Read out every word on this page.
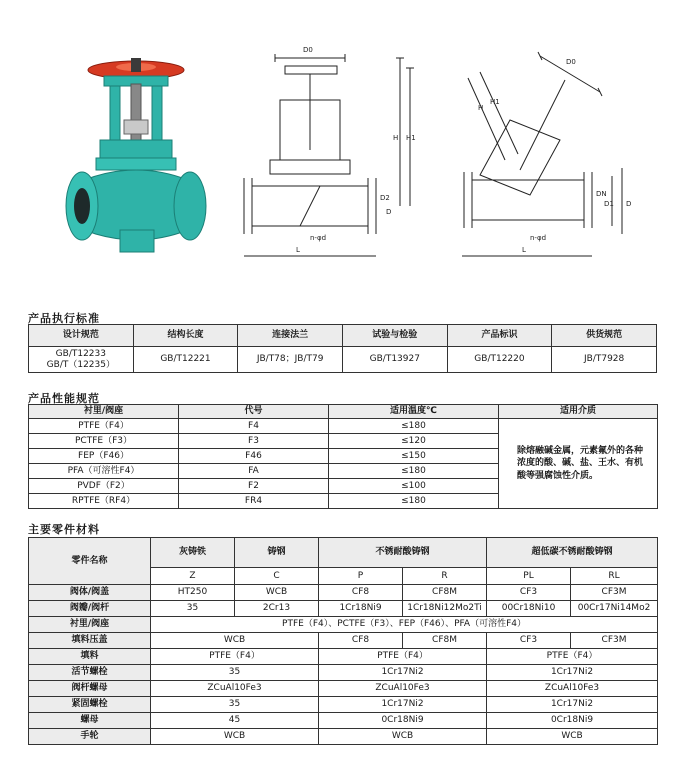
D0
H H1
D2
D
L
n-φd
D0
H
H1
DN
D1 D
L
n-φd
产品执行标准
设计规范	结构长度	连接法兰	试验与检验	产品标识	供货规范
GB/T12233
GB/T（12235）	GB/T12221	JB/T78；JB/T79	GB/T13927	GB/T12220	JB/T7928
产品性能规范
衬里/阀座	代号	适用温度℃	适用介质
PTFE（F4）	F4	≤180	除熔融碱金属，元素氟外的各种浓度的酸、碱、盐、王水、有机酸等强腐蚀性介质。
PCTFE（F3）	F3	≤120	
FEP（F46）	F46	≤150	
PFA（可溶性F4）	FA	≤180	
PVDF（F2）	F2	≤100	
RPTFE（RF4）	FR4	≤180	
主要零件材料
零件名称	灰铸铁	铸钢	不锈耐酸铸钢		超低碳不锈耐酸铸钢	
	Z	C	P	R	PL	RL
阀体/阀盖	HT250	WCB	CF8	CF8M	CF3	CF3M
阀瓣/阀杆	35	2Cr13	1Cr18Ni9	1Cr18Ni12Mo2Ti	00Cr18Ni10	00Cr17Ni14Mo2
衬里/阀座	PTFE（F4）、PCTFE（F3）、FEP（F46）、PFA（可溶性F4）					
填料压盖	WCB		CF8	CF8M	CF3	CF3M
填料	PTFE（F4）		PTFE（F4）		PTFE（F4）	
活节螺栓	35		1Cr17Ni2		1Cr17Ni2	
阀杆螺母	ZCuAl10Fe3		ZCuAl10Fe3		ZCuAl10Fe3	
紧固螺栓	35		1Cr17Ni2		1Cr17Ni2	
螺母	45		0Cr18Ni9		0Cr18Ni9	
手轮	WCB		WCB		WCB	
